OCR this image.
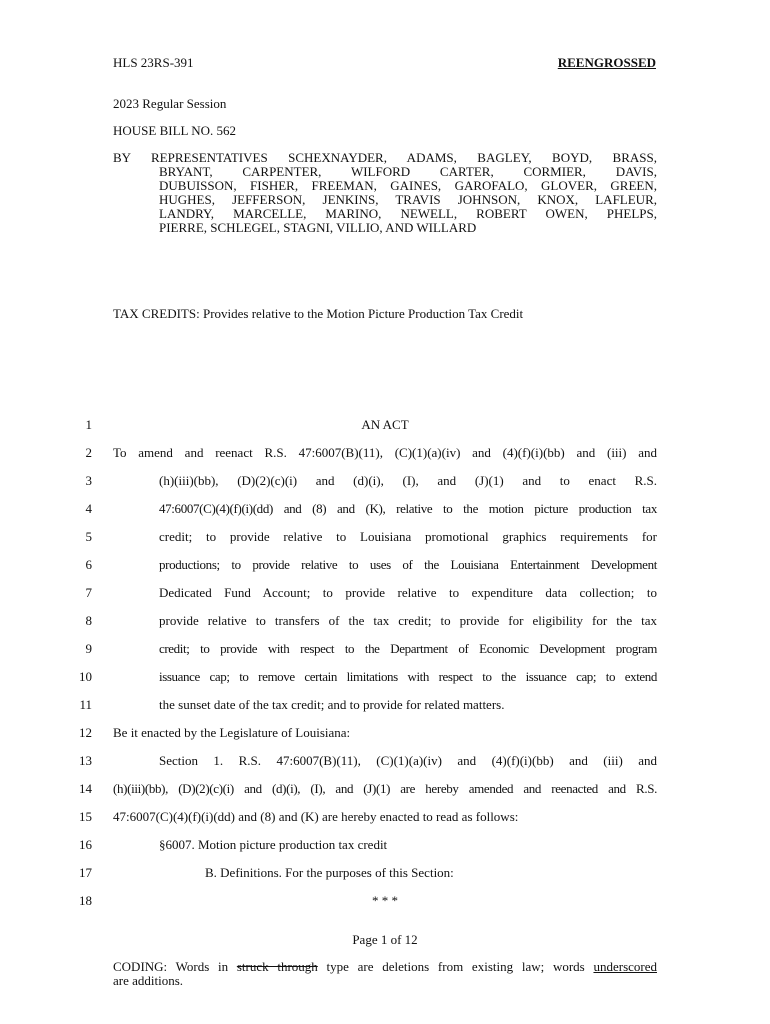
HLS 23RS-391	REENGROSSED
2023 Regular Session
HOUSE BILL NO. 562
BY REPRESENTATIVES SCHEXNAYDER, ADAMS, BAGLEY, BOYD, BRASS,
BRYANT, CARPENTER, WILFORD CARTER, CORMIER, DAVIS,
DUBUISSON, FISHER, FREEMAN, GAINES, GAROFALO, GLOVER, GREEN,
HUGHES, JEFFERSON, JENKINS, TRAVIS JOHNSON, KNOX, LAFLEUR,
LANDRY, MARCELLE, MARINO, NEWELL, ROBERT OWEN, PHELPS,
PIERRE, SCHLEGEL, STAGNI, VILLIO, AND WILLARD
TAX CREDITS: Provides relative to the Motion Picture Production Tax Credit
1	AN ACT
2 To amend and reenact R.S. 47:6007(B)(11), (C)(1)(a)(iv) and (4)(f)(i)(bb) and (iii) and
3	(h)(iii)(bb), (D)(2)(c)(i) and (d)(i), (I), and (J)(1) and to enact R.S.
4	47:6007(C)(4)(f)(i)(dd) and (8) and (K), relative to the motion picture production tax
5	credit; to provide relative to Louisiana promotional graphics requirements for
6	productions; to provide relative to uses of the Louisiana Entertainment Development
7	Dedicated Fund Account; to provide relative to expenditure data collection; to
8	provide relative to transfers of the tax credit; to provide for eligibility for the tax
9	credit; to provide with respect to the Department of Economic Development program
10	issuance cap; to remove certain limitations with respect to the issuance cap; to extend
11	the sunset date of the tax credit; and to provide for related matters.
12 Be it enacted by the Legislature of Louisiana:
13	Section 1. R.S. 47:6007(B)(11), (C)(1)(a)(iv) and (4)(f)(i)(bb) and (iii) and
14 (h)(iii)(bb), (D)(2)(c)(i) and (d)(i), (I), and (J)(1) are hereby amended and reenacted and R.S.
15 47:6007(C)(4)(f)(i)(dd) and (8) and (K) are hereby enacted to read as follows:
16	§6007. Motion picture production tax credit
17	B. Definitions. For the purposes of this Section:
18	* * *
Page 1 of 12
CODING: Words in struck through type are deletions from existing law; words underscored
are additions.
